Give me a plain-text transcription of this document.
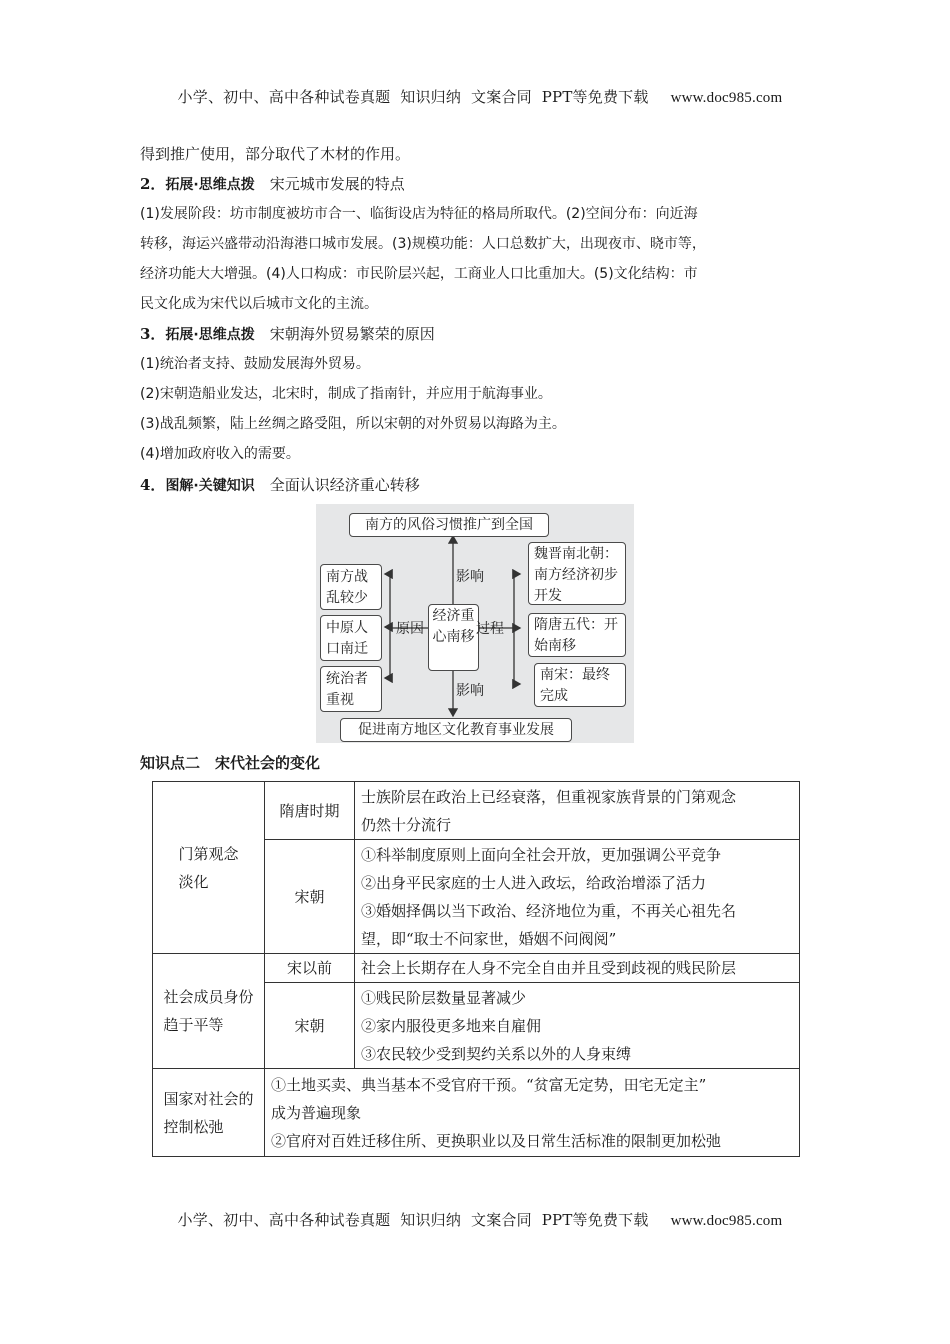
小学、初中、高中各种试卷真题  知识归纳  文案合同  PPT等免费下载 www.doc985.com

得到推广使用，部分取代了木材的作用。
2．拓展·思维点拨　 宋元城市发展的特点
(1)发展阶段：坊市制度被坊市合一、临街设店为特征的格局所取代。(2)空间分布：向近海
转移，海运兴盛带动沿海港口城市发展。(3)规模功能：人口总数扩大，出现夜市、晓市等，
经济功能大大增强。(4)人口构成：市民阶层兴起，工商业人口比重加大。(5)文化结构：市
民文化成为宋代以后城市文化的主流。
3．拓展·思维点拨　 宋朝海外贸易繁荣的原因
(1)统治者支持、鼓励发展海外贸易。
(2)宋朝造船业发达，北宋时，制成了指南针，并应用于航海事业。
(3)战乱频繁，陆上丝绸之路受阻，所以宋朝的对外贸易以海路为主。
(4)增加政府收入的需要。
4．图解·关键知识　 全面认识经济重心转移
南方的风俗习惯推广到全国
促进南方地区文化教育事业发展
经济重心南移
影响
影响
原因	过程
南方战乱较少
中原人口南迁
统治者重视
魏晋南北朝：南方经济初步开发
隋唐五代：开始南移
南宋：最终完成
知识点二　宋代社会的变化
门第观念淡化	隋唐时期	士族阶层在政治上已经衰落，但重视家族背景的门第观念
仍然十分流行

	宋朝	①科举制度原则上面向全社会开放，更加强调公平竞争
②出身平民家庭的士人进入政坛，给政治增添了活力
③婚姻择偶以当下政治、经济地位为重，不再关心祖先名
望，即“取士不问家世，婚姻不问阀阅”

社会成员身份趋于平等	宋以前	社会上长期存在人身不完全自由并且受到歧视的贱民阶层

	宋朝	①贱民阶层数量显著减少
②家内服役更多地来自雇佣
③农民较少受到契约关系以外的人身束缚

国家对社会的控制松弛	①土地买卖、典当基本不受官府干预。“贫富无定势，田宅无定主”
成为普遍现象
②官府对百姓迁移住所、更换职业以及日常生活标准的限制更加松弛	

小学、初中、高中各种试卷真题  知识归纳  文案合同  PPT等免费下载 www.doc985.com
